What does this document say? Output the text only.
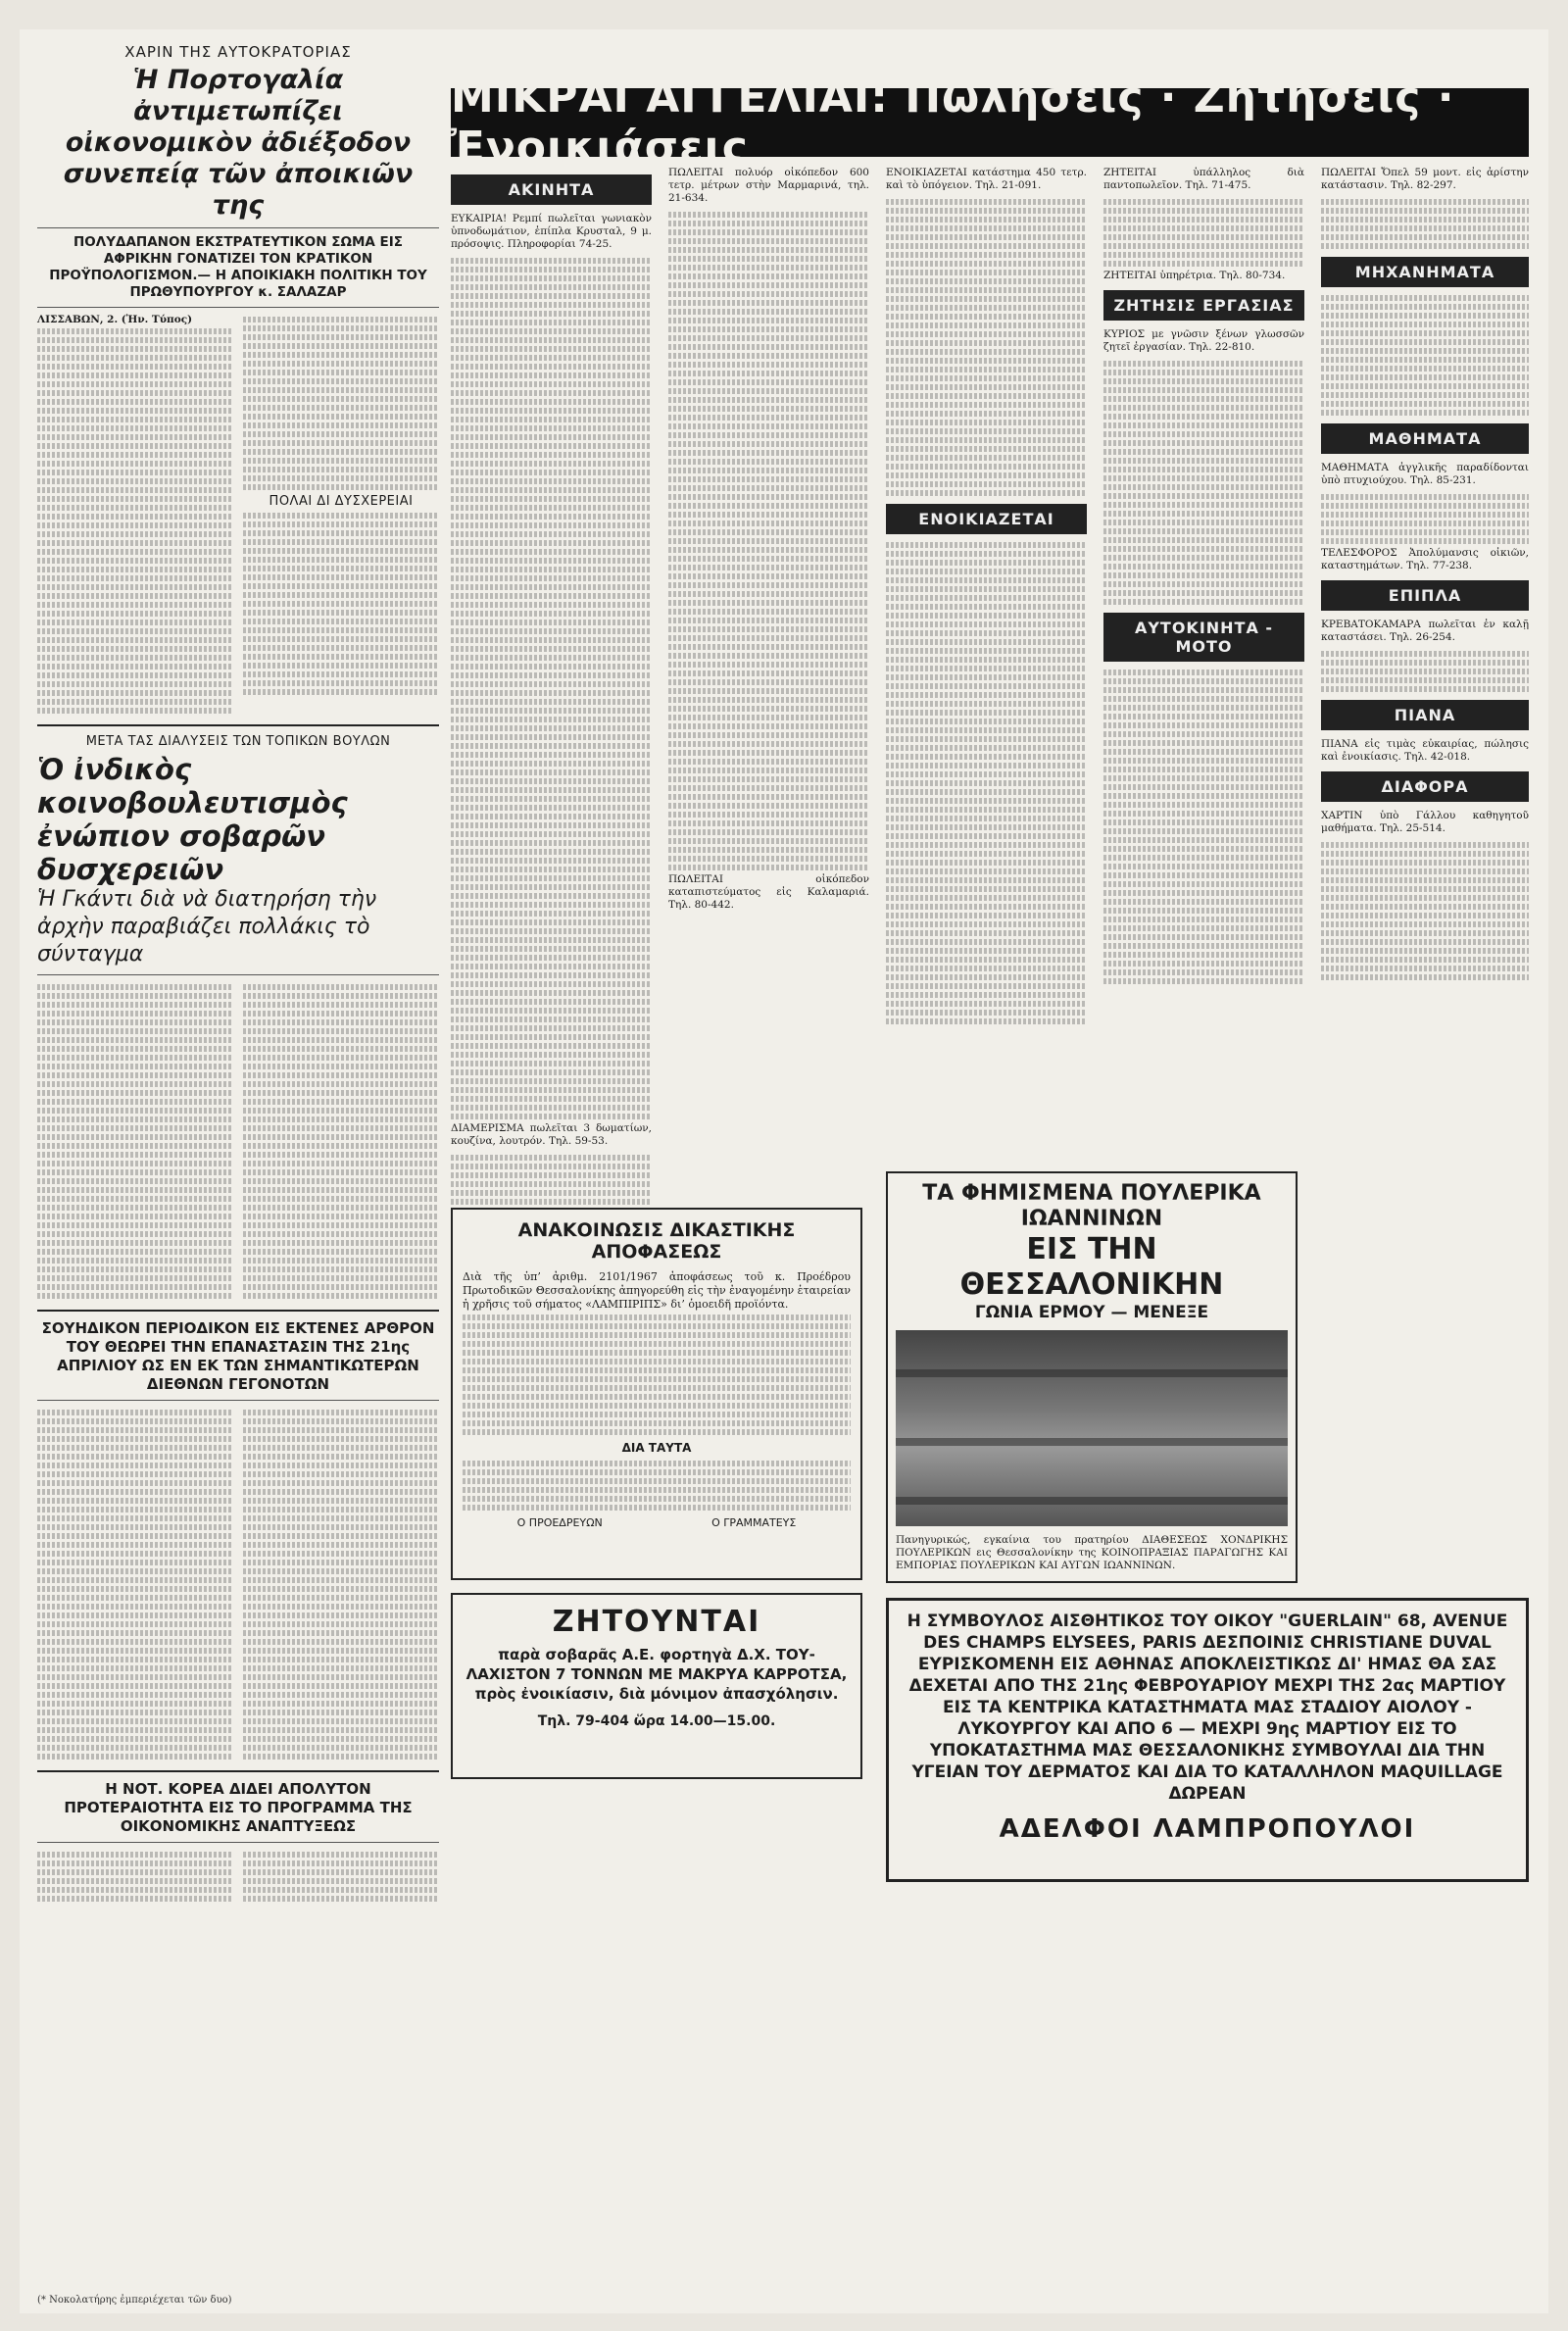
ΧΑΡΙΝ ΤΗΣ ΑΥΤΟΚΡΑΤΟΡΙΑΣ
Ἡ Πορτογαλία ἀντιμετωπίζει οἰκονομικὸν ἀδιέξοδον συνεπείᾳ τῶν ἀποικιῶν της
ΠΟΛΥΔΑΠΑΝΟΝ ΕΚΣΤΡΑΤΕΥΤΙΚΟΝ ΣΩΜΑ ΕΙΣ ΑΦΡΙΚΗΝ ΓΟΝΑΤΙΖΕΙ ΤΟΝ ΚΡΑΤΙΚΟΝ ΠΡΟΫΠΟΛΟΓΙΣΜΟΝ.— Η ΑΠΟΙΚΙΑΚΗ ΠΟΛΙΤΙΚΗ ΤΟΥ ΠΡΩΘΥΠΟΥΡΓΟΥ κ. ΣΑΛΑΖΑΡ
ΛΙΣΣΑΒΩΝ, 2. (Ἠν. Τύπος)
ΠΟΛΑΙ ΔΙ ΔΥΣΧΕΡΕΙΑΙ
ΜΕΤΑ ΤΑΣ ΔΙΑΛΥΣΕΙΣ ΤΩΝ ΤΟΠΙΚΩΝ ΒΟΥΛΩΝ
Ὁ ἰνδικὸς κοινοβουλευτισμὸς ἐνώπιον σοβαρῶν δυσχερειῶν
Ἡ Γκάντι διὰ νὰ διατηρήση τὴν ἀρχὴν παραβιάζει πολλάκις τὸ σύνταγμα
ΣΟΥΗΔΙΚΟΝ ΠΕΡΙΟΔΙΚΟΝ ΕΙΣ ΕΚΤΕΝΕΣ ΑΡΘΡΟΝ ΤΟΥ ΘΕΩΡΕΙ ΤΗΝ ΕΠΑΝΑΣΤΑΣΙΝ ΤΗΣ 21ης ΑΠΡΙΛΙΟΥ ΩΣ ΕΝ ΕΚ ΤΩΝ ΣΗΜΑΝΤΙΚΩΤΕΡΩΝ ΔΙΕΘΝΩΝ ΓΕΓΟΝΟΤΩΝ
Η ΝΟΤ. ΚΟΡΕΑ ΔΙΔΕΙ ΑΠΟΛΥΤΟΝ ΠΡΟΤΕΡΑΙΟΤΗΤΑ ΕΙΣ ΤΟ ΠΡΟΓΡΑΜΜΑ ΤΗΣ ΟΙΚΟΝΟΜΙΚΗΣ ΑΝΑΠΤΥΞΕΩΣ
ΜΙΚΡΑΙ ΑΓΓΕΛΙΑΙ: Πωλήσεις · Ζητήσεις · Ἐνοικιάσεις
ΑΚΙΝΗΤΑ
ΕΥΚΑΙΡΙΑ! Ρεμπί πωλεῖται γωνιακὸν ὑπνοδωμάτιον, ἐπίπλα Κρυσταλ, 9 μ. πρόσοψις. Πληροφορίαι 74-25.
ΔΙΑΜΕΡΙΣΜΑ πωλεῖται 3 δωματίων, κουζίνα, λουτρόν. Τηλ. 59-53.
ΠΩΛΕΙΤΑΙ πολυόρ οἰκόπεδον 600 τετρ. μέτρων στὴν Μαρμαρινά, τηλ. 21-634.
ΠΩΛΕΙΤΑΙ οἰκόπεδον καταπιστεύματος εἰς Καλαμαριά. Τηλ. 80-442.
ΕΝΟΙΚΙΑΖΕΤΑΙ κατάστημα 450 τετρ. καὶ τὸ ὑπόγειον. Τηλ. 21-091.
ΕΝΟΙΚΙΑΖΕΤΑΙ
ΖΗΤΕΙΤΑΙ ὑπάλληλος διὰ παντοπωλεῖον. Τηλ. 71-475.
ΖΗΤΕΙΤΑΙ ὑπηρέτρια. Τηλ. 80-734.
ΖΗΤΗΣΙΣ ΕΡΓΑΣΙΑΣ
ΚΥΡΙΟΣ με γνῶσιν ξένων γλωσσῶν ζητεῖ ἐργασίαν. Τηλ. 22-810.
ΑΥΤΟΚΙΝΗΤΑ - ΜΟΤΟ
ΠΩΛΕΙΤΑΙ Ὄπελ 59 μοντ. εἰς ἀρίστην κατάστασιν. Τηλ. 82-297.
ΜΗΧΑΝΗΜΑΤΑ
ΜΑΘΗΜΑΤΑ
ΜΑΘΗΜΑΤΑ ἀγγλικῆς παραδίδονται ὑπὸ πτυχιούχου. Τηλ. 85-231.
ΤΕΛΕΣΦΟΡΟΣ Ἀπολύμανσις οἰκιῶν, καταστημάτων. Τηλ. 77-238.
ΕΠΙΠΛΑ
ΚΡΕΒΑΤΟΚΑΜΑΡΑ πωλεῖται ἐν καλῇ καταστάσει. Τηλ. 26-254.
ΠΙΑΝΑ
ΠΙΑΝΑ εἰς τιμὰς εὐκαιρίας, πώλησις καὶ ἐνοικίασις. Τηλ. 42-018.
ΔΙΑΦΟΡΑ
ΧΑΡΤΙΝ ὑπὸ Γάλλου καθηγητοῦ μαθήματα. Τηλ. 25-514.
ΑΝΑΚΟΙΝΩΣΙΣ ΔΙΚΑΣΤΙΚΗΣ ΑΠΟΦΑΣΕΩΣ
Διὰ τῆς ὑπ’ ἀριθμ. 2101/1967 ἀποφάσεως τοῦ κ. Προέδρου Πρωτοδικῶν Θεσσαλονίκης ἀπηγορεύθη εἰς τὴν ἐναγομένην ἑταιρείαν ἡ χρῆσις τοῦ σήματος «ΛΑΜΠΙΡΙΠΣ» δι’ ὁμοειδῆ προϊόντα.
ΔΙΑ ΤΑΥΤΑ
Ο ΠΡΟΕΔΡΕΥΩΝ	Ο ΓΡΑΜΜΑΤΕΥΣ
ΖΗΤΟΥΝΤΑΙ
παρὰ σοβαρᾶς Α.Ε. φορτηγὰ Δ.Χ. ΤΟΥ-ΛΑΧΙΣΤΟΝ 7 ΤΟΝΝΩΝ ΜΕ ΜΑΚΡΥΑ ΚΑΡΡΟΤΣΑ, πρὸς ἐνοικίασιν, διὰ μόνιμον ἀπασχόλησιν.
Τηλ. 79-404 ὥρα 14.00—15.00.
ΤΑ ΦΗΜΙΣΜΕΝΑ ΠΟΥΛΕΡΙΚΑ ΙΩΑΝΝΙΝΩΝ
ΕΙΣ ΤΗΝ ΘΕΣΣΑΛΟΝΙΚΗΝ
ΓΩΝΙΑ ΕΡΜΟΥ — ΜΕΝΕΞΕ
Πανηγυρικώς, εγκαίνια του πρατηρίου ΔΙΑΘΕΣΕΩΣ ΧΟΝΔΡΙΚΗΣ ΠΟΥΛΕΡΙΚΩΝ εις Θεσσαλονίκην της ΚΟΙΝΟΠΡΑΞΙΑΣ ΠΑΡΑΓΩΓΗΣ ΚΑΙ ΕΜΠΟΡΙΑΣ ΠΟΥΛΕΡΙΚΩΝ ΚΑΙ ΑΥΓΩΝ ΙΩΑΝΝΙΝΩΝ.
Η ΣΥΜΒΟΥΛΟΣ ΑΙΣΘΗΤΙΚΟΣ ΤΟΥ ΟΙΚΟΥ "GUERLAIN" 68, AVENUE DES CHAMPS ELYSEES, PARIS ΔΕΣΠΟΙΝΙΣ CHRISTIANE DUVAL ΕΥΡΙΣΚΟΜΕΝΗ ΕΙΣ ΑΘΗΝΑΣ ΑΠΟΚΛΕΙΣΤΙΚΩΣ ΔΙ' ΗΜΑΣ ΘΑ ΣΑΣ ΔΕΧΕΤΑΙ ΑΠΟ ΤΗΣ 21ης ΦΕΒΡΟΥΑΡΙΟΥ ΜΕΧΡΙ ΤΗΣ 2ας ΜΑΡΤΙΟΥ ΕΙΣ ΤΑ ΚΕΝΤΡΙΚΑ ΚΑΤΑΣΤΗΜΑΤΑ ΜΑΣ ΣΤΑΔΙΟΥ ΑΙΟΛΟΥ - ΛΥΚΟΥΡΓΟΥ ΚΑΙ ΑΠΟ 6 — ΜΕΧΡΙ 9ης ΜΑΡΤΙΟΥ ΕΙΣ ΤΟ ΥΠΟΚΑΤΑΣΤΗΜΑ ΜΑΣ ΘΕΣΣΑΛΟΝΙΚΗΣ ΣΥΜΒΟΥΛΑΙ ΔΙΑ ΤΗΝ ΥΓΕΙΑΝ ΤΟΥ ΔΕΡΜΑΤΟΣ ΚΑΙ ΔΙΑ ΤΟ ΚΑΤΑΛΛΗΛΟΝ MAQUILLAGE ΔΩΡΕΑΝ
ΑΔΕΛΦΟΙ ΛΑΜΠΡΟΠΟΥΛΟΙ
(* Νοκολατήρης ἐμπεριέχεται τῶν δυο)
